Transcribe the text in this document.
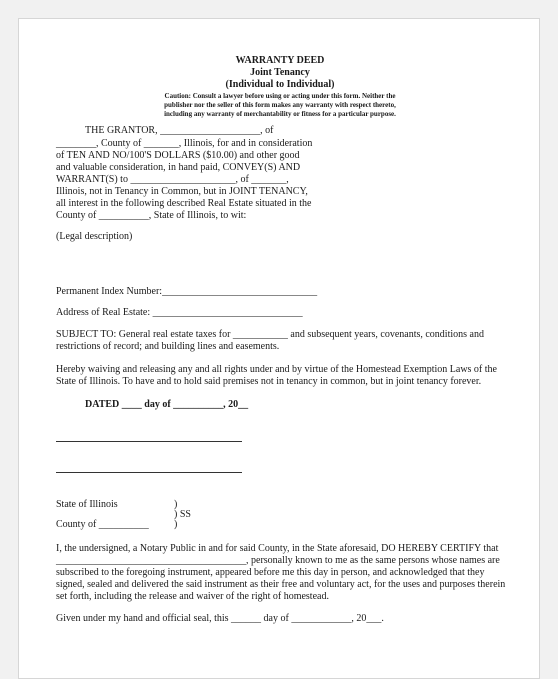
WARRANTY DEED
Joint Tenancy
(Individual to Individual)
Caution: Consult a lawyer before using or acting under this form. Neither the
publisher nor the seller of this form makes any warranty with respect thereto,
including any warranty of merchantability or fitness for a particular purpose.
THE GRANTOR, ____________________, of
________, County of _______, Illinois, for and in consideration
of TEN AND NO/100'S DOLLARS ($10.00) and other good
and valuable consideration, in hand paid, CONVEY(S) AND
WARRANT(S) to _____________________, of _______,
Illinois, not in Tenancy in Common, but in JOINT TENANCY,
all interest in the following described Real Estate situated in the
County of __________, State of Illinois, to wit:
(Legal description)
Permanent Index Number:_______________________________
Address of Real Estate: ______________________________
SUBJECT TO: General real estate taxes for ___________ and subsequent years, covenants, conditions and
restrictions of record; and building lines and easements.
Hereby waiving and releasing any and all rights under and by virtue of the Homestead Exemption Laws of the
State of Illinois. To have and to hold said premises not in tenancy in common, but in joint tenancy forever.
DATED ____ day of __________, 20__
State of Illinois	)
) SS
County of __________	)
I, the undersigned, a Notary Public in and for said County, in the State aforesaid, DO HEREBY CERTIFY that
______________________________________, personally known to me as the same persons whose names are
subscribed to the foregoing instrument, appeared before me this day in person, and acknowledged that they
signed, sealed and delivered the said instrument as their free and voluntary act, for the uses and purposes therein
set forth, including the release and waiver of the right of homestead.
Given under my hand and official seal, this ______ day of ____________, 20___.
